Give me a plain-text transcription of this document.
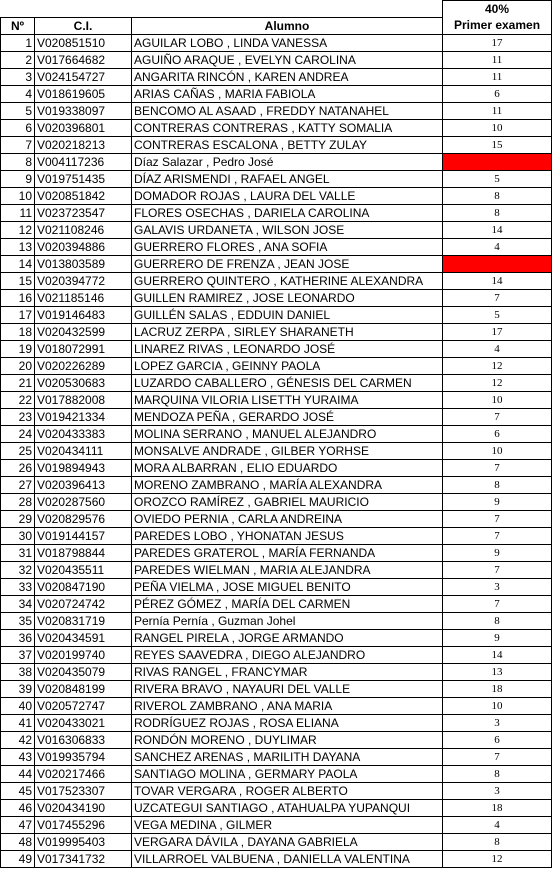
			40%
Nº	C.I.	Alumno	Primer examen
1	V020851510	AGUILAR LOBO , LINDA VANESSA	17
2	V017664682	AGUIÑO ARAQUE , EVELYN CAROLINA	11
3	V024154727	ANGARITA RINCÓN , KAREN ANDREA	11
4	V018619605	ARIAS CAÑAS , MARIA FABIOLA	6
5	V019338097	BENCOMO AL ASAAD , FREDDY NATANAHEL	11
6	V020396801	CONTRERAS CONTRERAS , KATTY SOMALIA	10
7	V020218213	CONTRERAS ESCALONA , BETTY ZULAY	15
8	V004117236	Díaz Salazar , Pedro José	
9	V019751435	DÍAZ ARISMENDI , RAFAEL ANGEL	5
10	V020851842	DOMADOR ROJAS , LAURA DEL VALLE	8
11	V023723547	FLORES OSECHAS , DARIELA CAROLINA	8
12	V021108246	GALAVIS URDANETA , WILSON JOSE	14
13	V020394886	GUERRERO FLORES , ANA SOFIA	4
14	V013803589	GUERRERO DE FRENZA , JEAN JOSE	
15	V020394772	GUERRERO QUINTERO , KATHERINE ALEXANDRA	14
16	V021185146	GUILLEN RAMIREZ , JOSE LEONARDO	7
17	V019146483	GUILLÉN SALAS , EDDUIN DANIEL	5
18	V020432599	LACRUZ ZERPA , SIRLEY SHARANETH	17
19	V018072991	LINAREZ RIVAS , LEONARDO JOSÉ	4
20	V020226289	LOPEZ GARCIA , GEINNY PAOLA	12
21	V020530683	LUZARDO CABALLERO , GÉNESIS DEL CARMEN	12
22	V017882008	MARQUINA VILORIA LISETTH YURAIMA	10
23	V019421334	MENDOZA PEÑA , GERARDO JOSÉ	7
24	V020433383	MOLINA SERRANO , MANUEL ALEJANDRO	6
25	V020434111	MONSALVE ANDRADE , GILBER YORHSE	10
26	V019894943	MORA ALBARRAN , ELIO EDUARDO	7
27	V020396413	MORENO ZAMBRANO , MARÍA ALEXANDRA	8
28	V020287560	OROZCO RAMÍREZ , GABRIEL MAURICIO	9
29	V020829576	OVIEDO PERNIA , CARLA ANDREINA	7
30	V019144157	PAREDES LOBO , YHONATAN JESUS	7
31	V018798844	PAREDES GRATEROL , MARÍA FERNANDA	9
32	V020435511	PAREDES WIELMAN , MARIA ALEJANDRA	7
33	V020847190	PEÑA VIELMA , JOSE MIGUEL BENITO	3
34	V020724742	PÉREZ GÓMEZ , MARÍA DEL CARMEN	7
35	V020831719	Pernía Pernía , Guzman Johel	8
36	V020434591	RANGEL PIRELA , JORGE ARMANDO	9
37	V020199740	REYES SAAVEDRA , DIEGO ALEJANDRO	14
38	V020435079	RIVAS RANGEL , FRANCYMAR	13
39	V020848199	RIVERA BRAVO , NAYAURI DEL VALLE	18
40	V020572747	RIVEROL ZAMBRANO , ANA MARIA	10
41	V020433021	RODRÍGUEZ ROJAS , ROSA ELIANA	3
42	V016306833	RONDÓN MORENO , DUYLIMAR	6
43	V019935794	SANCHEZ ARENAS , MARILITH DAYANA	7
44	V020217466	SANTIAGO MOLINA , GERMARY PAOLA	8
45	V017523307	TOVAR VERGARA , ROGER ALBERTO	3
46	V020434190	UZCATEGUI SANTIAGO , ATAHUALPA YUPANQUI	18
47	V017455296	VEGA MEDINA , GILMER	4
48	V019995403	VERGARA DÁVILA , DAYANA GABRIELA	8
49	V017341732	VILLARROEL VALBUENA , DANIELLA VALENTINA	12
